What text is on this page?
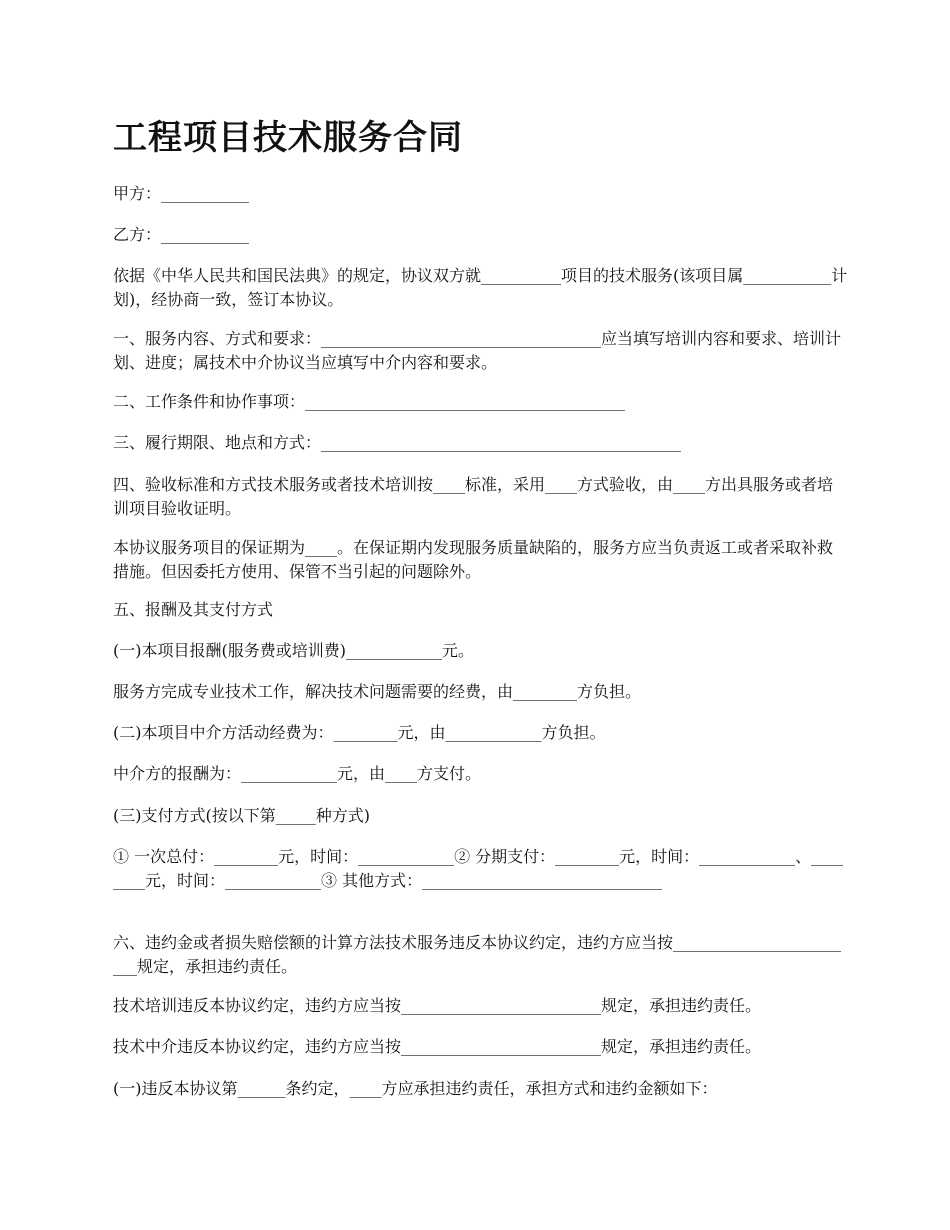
工程项目技术服务合同

甲方：___________

乙方：___________

依据《中华人民共和国民法典》的规定，协议双方就__________项目的技术服务(该项目属___________计划)，经协商一致，签订本协议。

一、服务内容、方式和要求：___________________________________应当填写培训内容和要求、培训计划、进度；属技术中介协议当应填写中介内容和要求。

二、工作条件和协作事项：________________________________________

三、履行期限、地点和方式：_____________________________________________

四、验收标准和方式技术服务或者技术培训按____标准，采用____方式验收，由____方出具服务或者培训项目验收证明。

本协议服务项目的保证期为____。在保证期内发现服务质量缺陷的，服务方应当负责返工或者采取补救措施。但因委托方使用、保管不当引起的问题除外。

五、报酬及其支付方式

(一)本项目报酬(服务费或培训费)____________元。

服务方完成专业技术工作，解决技术问题需要的经费，由________方负担。

(二)本项目中介方活动经费为：________元，由____________方负担。

中介方的报酬为：____________元，由____方支付。

(三)支付方式(按以下第_____种方式)

① 一次总付：________元，时间：____________② 分期支付：________元，时间：____________、________元，时间：____________③ 其他方式：______________________________

六、违约金或者损失赔偿额的计算方法技术服务违反本协议约定，违约方应当按________________________规定，承担违约责任。

技术培训违反本协议约定，违约方应当按_________________________规定，承担违约责任。

技术中介违反本协议约定，违约方应当按_________________________规定，承担违约责任。

(一)违反本协议第______条约定，____方应承担违约责任，承担方式和违约金额如下：
